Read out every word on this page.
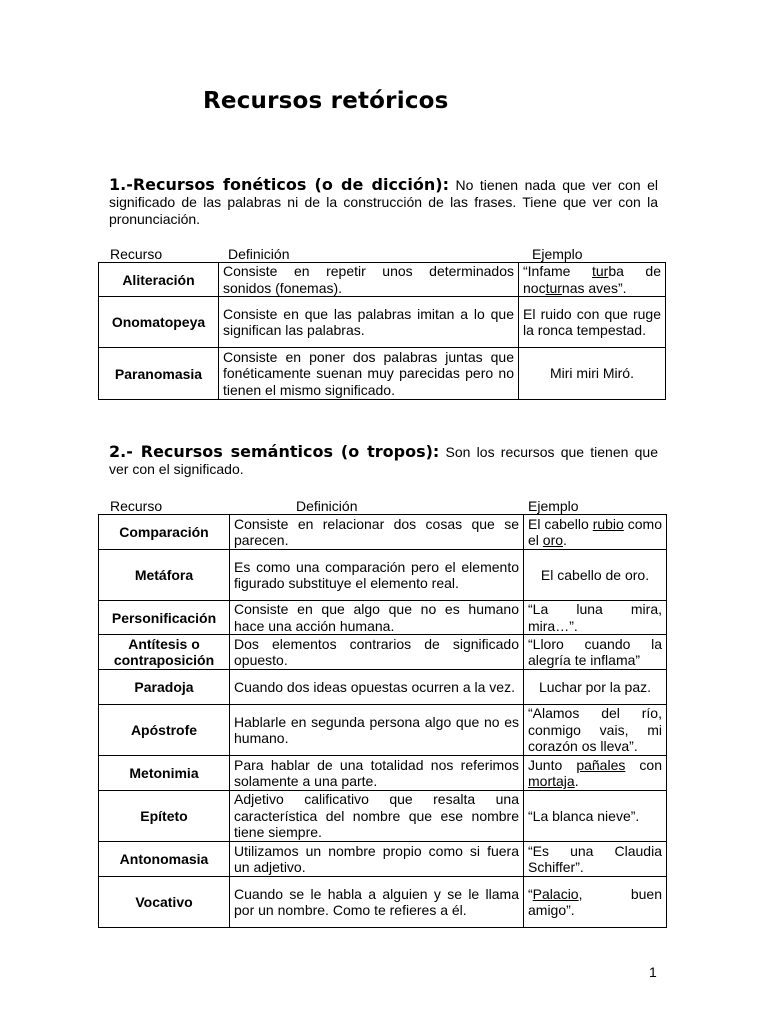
Recursos retóricos

1.-Recursos fonéticos (o de dicción): No tienen nada que ver con el significado de las palabras ni de la construcción de las frases. Tiene que ver con la pronunciación.

Recurso	Definición	Ejemplo
Aliteración	Consiste en repetir unos determinados sonidos (fonemas).	“Infame turba de nocturnas aves”.
Onomatopeya	Consiste en que las palabras imitan a lo que significan las palabras.	El ruido con que ruge la ronca tempestad.
Paranomasia	Consiste en poner dos palabras juntas que fonéticamente suenan muy parecidas pero no tienen el mismo significado.	Miri miri Miró.

2.- Recursos semánticos (o tropos): Son los recursos que tienen que ver con el significado.

Recurso	Definición	Ejemplo
Comparación	Consiste en relacionar dos cosas que se parecen.	El cabello rubio como el oro.
Metáfora	Es como una comparación pero el elemento figurado substituye el elemento real.	El cabello de oro.
Personificación	Consiste en que algo que no es humano hace una acción humana.	“La luna mira, mira…”.
Antítesis o
contraposición	Dos elementos contrarios de significado opuesto.	“Lloro cuando la alegría te inflama”
Paradoja	Cuando dos ideas opuestas ocurren a la vez.	Luchar por la paz.
Apóstrofe	Hablarle en segunda persona algo que no es humano.	“Alamos del río, conmigo vais, mi corazón os lleva”.
Metonimia	Para hablar de una totalidad nos referimos solamente a una parte.	Junto pañales con mortaja.
Epíteto	Adjetivo calificativo que resalta una característica del nombre que ese nombre tiene siempre.	“La blanca nieve”.
Antonomasia	Utilizamos un nombre propio como si fuera un adjetivo.	“Es una Claudia Schiffer”.
Vocativo	Cuando se le habla a alguien y se le llama por un nombre. Como te refieres a él.	“Palacio, buen amigo”.
1
